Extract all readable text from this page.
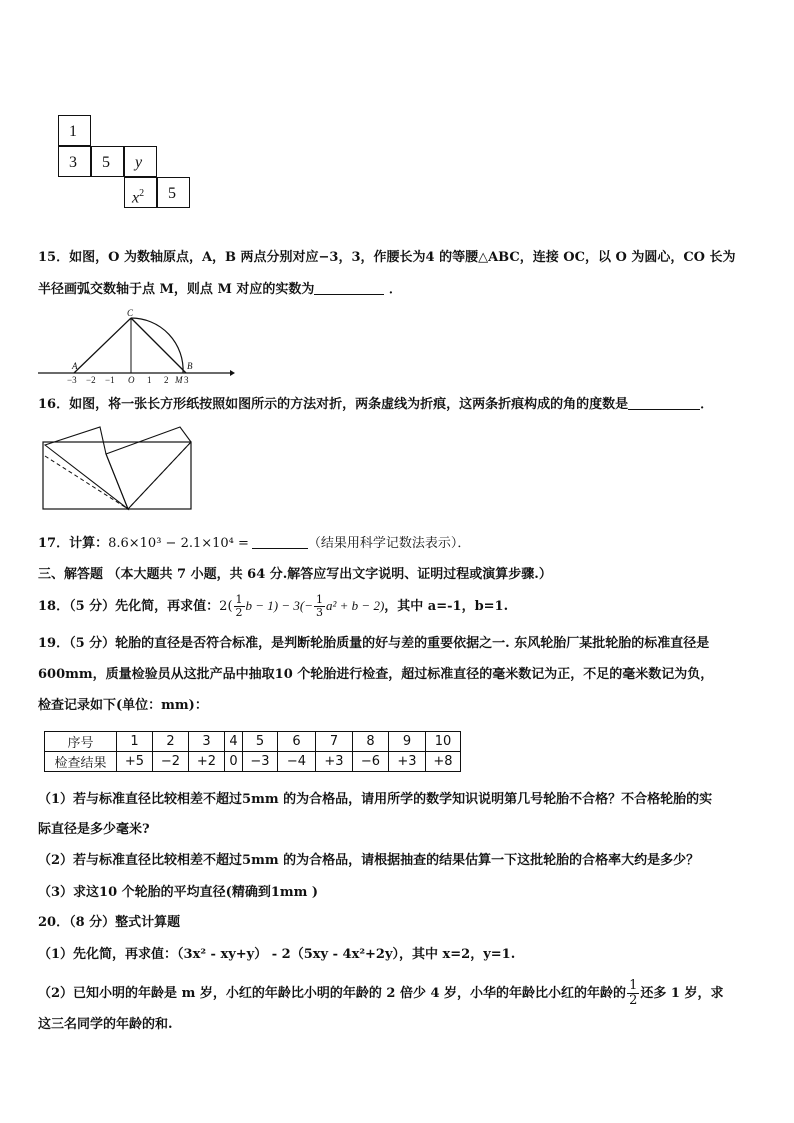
1
3	5	y
$x^2$	5
15．如图，O 为数轴原点，A，B 两点分别对应−3，3，作腰长为4 的等腰△ABC，连接 OC，以 O 为圆心，CO 长为
半径画弧交数轴于点 M，则点 M 对应的实数为	．
C
A	B
−3 −2 −1 O 1 2 M 3
16．如图，将一张长方形纸按照如图所示的方法对折，两条虚线为折痕，这两条折痕构成的角的度数是	．
17．计算：8.6×10³ − 2.1×10⁴ =	（结果用科学记数法表示）．
三、解答题 （本大题共 7 小题，共 64 分.解答应写出文字说明、证明过程或演算步骤.）
18．（5 分）先化简，再求值：$2( \frac{1}{2}$ $b - 1) - 3(- \frac{1}{3} a^2 + b - 2)$，其中 a=-1，b=1.
19．（5 分）轮胎的直径是否符合标准，是判断轮胎质量的好与差的重要依据之一. 东风轮胎厂某批轮胎的标准直径是
600mm，质量检验员从这批产品中抽取10 个轮胎进行检查，超过标准直径的毫米数记为正，不足的毫米数记为负，
检查记录如下(单位：mm)：
序号	1	2	3	4	5	6	7	8	9	10
检查结果	+5	−2	+2	0	−3	−4	+3	−6	+3	+8
（1）若与标准直径比较相差不超过5mm 的为合格品，请用所学的数学知识说明第几号轮胎不合格？不合格轮胎的实
际直径是多少毫米?
（2）若与标准直径比较相差不超过5mm 的为合格品，请根据抽查的结果估算一下这批轮胎的合格率大约是多少？
（3）求这10 个轮胎的平均直径(精确到1mm )
20．（8 分）整式计算题
（1）先化简，再求值：（3x² - xy+y） - 2（5xy - 4x²+2y），其中 x=2，y=1.
（2）已知小明的年龄是 m 岁，小红的年龄比小明的年龄的 2 倍少 4 岁，小华的年龄比小红的年龄的 $\frac{1}{2}$ 还多 1 岁，求
这三名同学的年龄的和.
